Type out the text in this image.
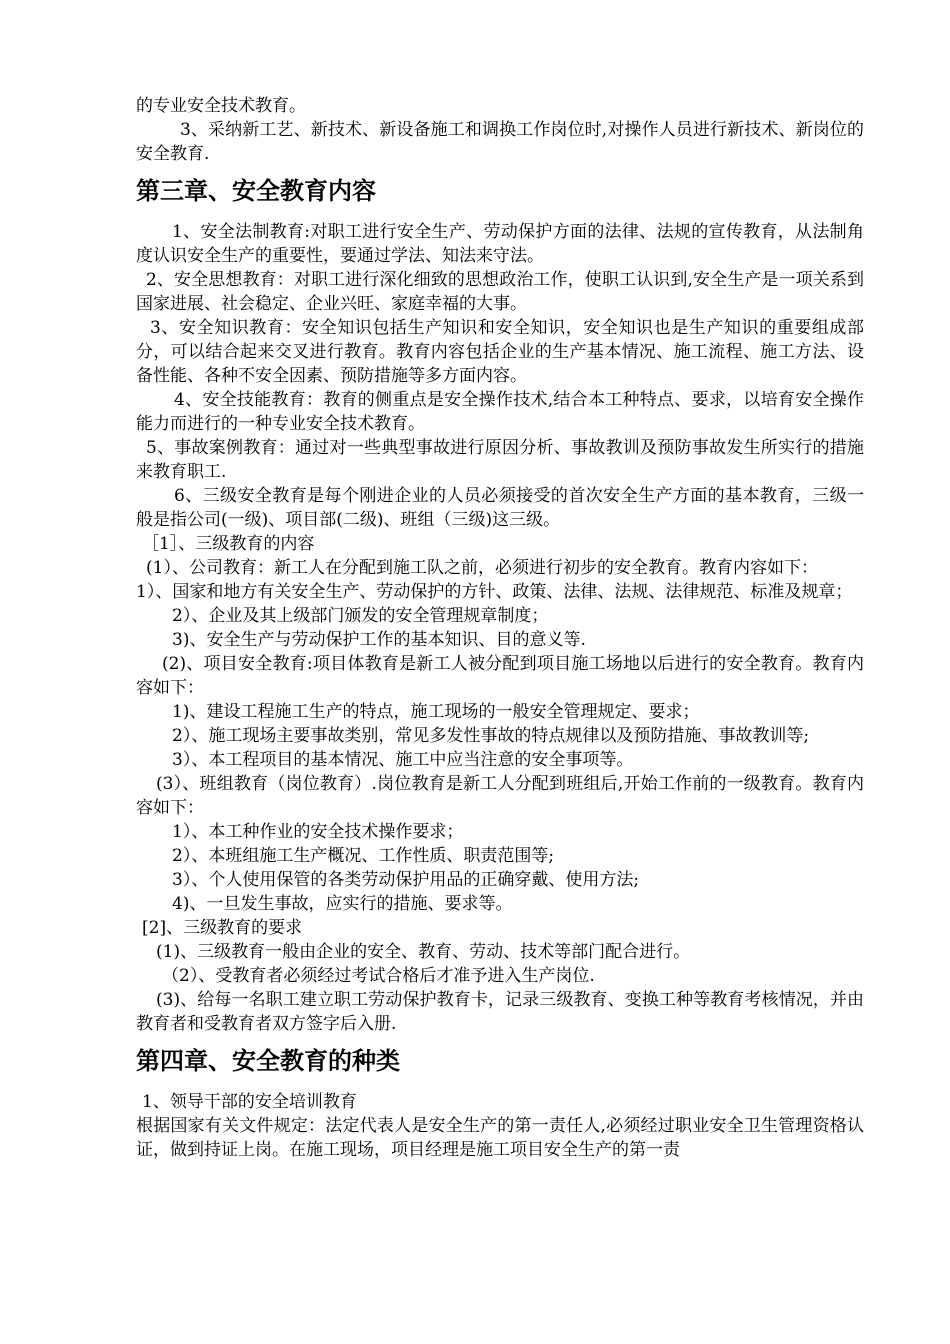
的专业安全技术教育。

3、采纳新工艺、新技术、新设备施工和调换工作岗位时,对操作人员进行新技术、新岗位的安全教育.

第三章、安全教育内容

1、安全法制教育:对职工进行安全生产、劳动保护方面的法律、法规的宣传教育，从法制角度认识安全生产的重要性，要通过学法、知法来守法。

2、安全思想教育：对职工进行深化细致的思想政治工作，使职工认识到,安全生产是一项关系到国家进展、社会稳定、企业兴旺、家庭幸福的大事。

3、安全知识教育：安全知识包括生产知识和安全知识，安全知识也是生产知识的重要组成部分，可以结合起来交叉进行教育。教育内容包括企业的生产基本情况、施工流程、施工方法、设备性能、各种不安全因素、预防措施等多方面内容。

4、安全技能教育：教育的侧重点是安全操作技术,结合本工种特点、要求，以培育安全操作能力而进行的一种专业安全技术教育。

5、事故案例教育：通过对一些典型事故进行原因分析、事故教训及预防事故发生所实行的措施来教育职工.

6、三级安全教育是每个刚进企业的人员必须接受的首次安全生产方面的基本教育，三级一般是指公司(一级)、项目部(二级)、班组（三级)这三级。

［1］、三级教育的内容

(1）、公司教育：新工人在分配到施工队之前，必须进行初步的安全教育。教育内容如下：

1）、国家和地方有关安全生产、劳动保护的方针、政策、法律、法规、法律规范、标准及规章；

2）、企业及其上级部门颁发的安全管理规章制度；

3)、安全生产与劳动保护工作的基本知识、目的意义等.

(2)、项目安全教育:项目体教育是新工人被分配到项目施工场地以后进行的安全教育。教育内容如下：

1)、建设工程施工生产的特点，施工现场的一般安全管理规定、要求；

2）、施工现场主要事故类别，常见多发性事故的特点规律以及预防措施、事故教训等;

3）、本工程项目的基本情况、施工中应当注意的安全事项等。

(3）、班组教育（岗位教育）.岗位教育是新工人分配到班组后,开始工作前的一级教育。教育内容如下：

1）、本工种作业的安全技术操作要求；

2）、本班组施工生产概况、工作性质、职责范围等;

3）、个人使用保管的各类劳动保护用品的正确穿戴、使用方法;

4)、一旦发生事故，应实行的措施、要求等。

[2]、三级教育的要求

(1)、三级教育一般由企业的安全、教育、劳动、技术等部门配合进行。

（2）、受教育者必须经过考试合格后才准予进入生产岗位.

(3)、给每一名职工建立职工劳动保护教育卡，记录三级教育、变换工种等教育考核情况，并由教育者和受教育者双方签字后入册.

第四章、安全教育的种类

1、领导干部的安全培训教育

根据国家有关文件规定：法定代表人是安全生产的第一责任人,必须经过职业安全卫生管理资格认证，做到持证上岗。在施工现场，项目经理是施工项目安全生产的第一责
